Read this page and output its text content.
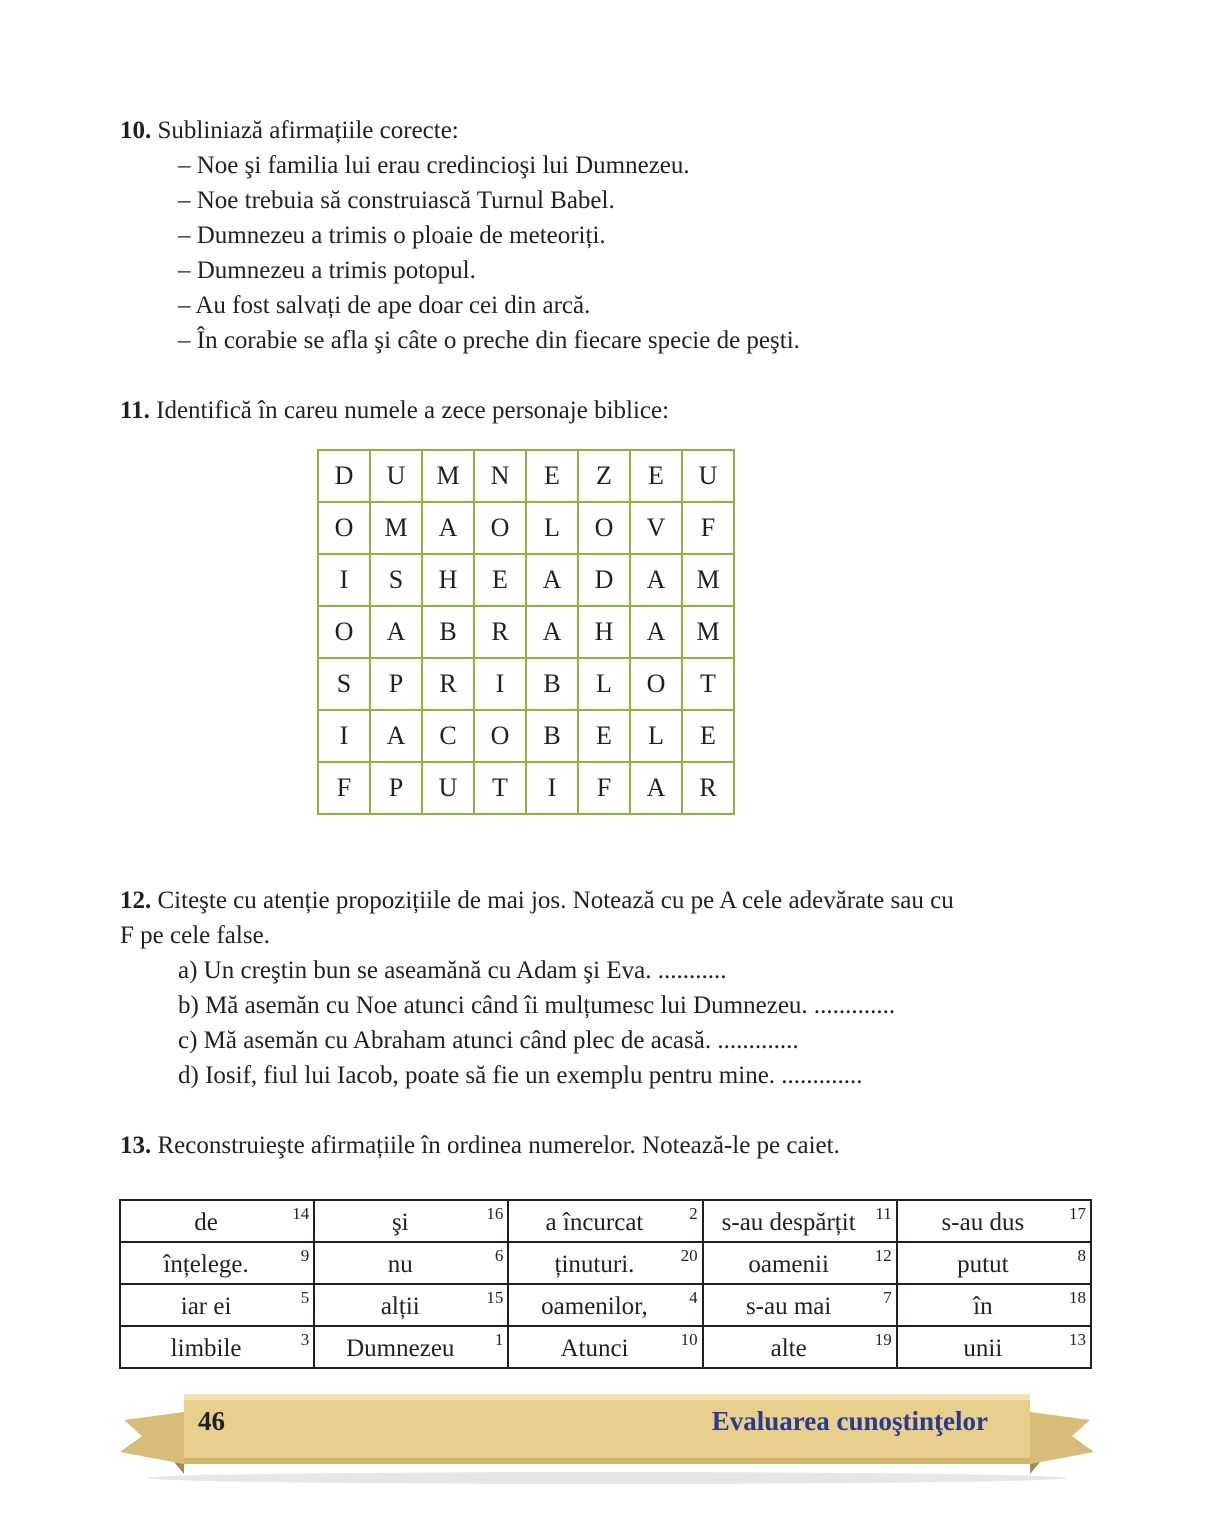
10. Subliniază afirmațiile corecte:
– Noe şi familia lui erau credincioşi lui Dumnezeu.
– Noe trebuia să construiască Turnul Babel.
– Dumnezeu a trimis o ploaie de meteoriți.
– Dumnezeu a trimis potopul.
– Au fost salvați de ape doar cei din arcă.
– În corabie se afla şi câte o preche din fiecare specie de peşti.
11. Identifică în careu numele a zece personaje biblice:
D	U	M	N	E	Z	E	U
O	M	A	O	L	O	V	F
I	S	H	E	A	D	A	M
O	A	B	R	A	H	A	M
S	P	R	I	B	L	O	T
I	A	C	O	B	E	L	E
F	P	U	T	I	F	A	R
12. Citeşte cu atenție propozițiile de mai jos. Notează cu pe A cele adevărate sau cu
F pe cele false.
a) Un creştin bun se aseamănă cu Adam şi Eva. ...........
b) Mă asemăn cu Noe atunci când îi mulțumesc lui Dumnezeu. .............
c) Mă asemăn cu Abraham atunci când plec de acasă. .............
d) Iosif, fiul lui Iacob, poate să fie un exemplu pentru mine. .............
13. Reconstruieşte afirmațiile în ordinea numerelor. Notează-le pe caiet.
de 14	şi 16	a încurcat 2	s-au despărțit 11	s-au dus 17

înțelege. 9	nu 6	ținuturi. 20	oamenii 12	putut 8

iar ei 5	alții 15	oamenilor, 4	s-au mai 7	în 18

limbile 3	Dumnezeu 1	Atunci 10	alte 19	unii 13
46	Evaluarea cunoştinţelor
